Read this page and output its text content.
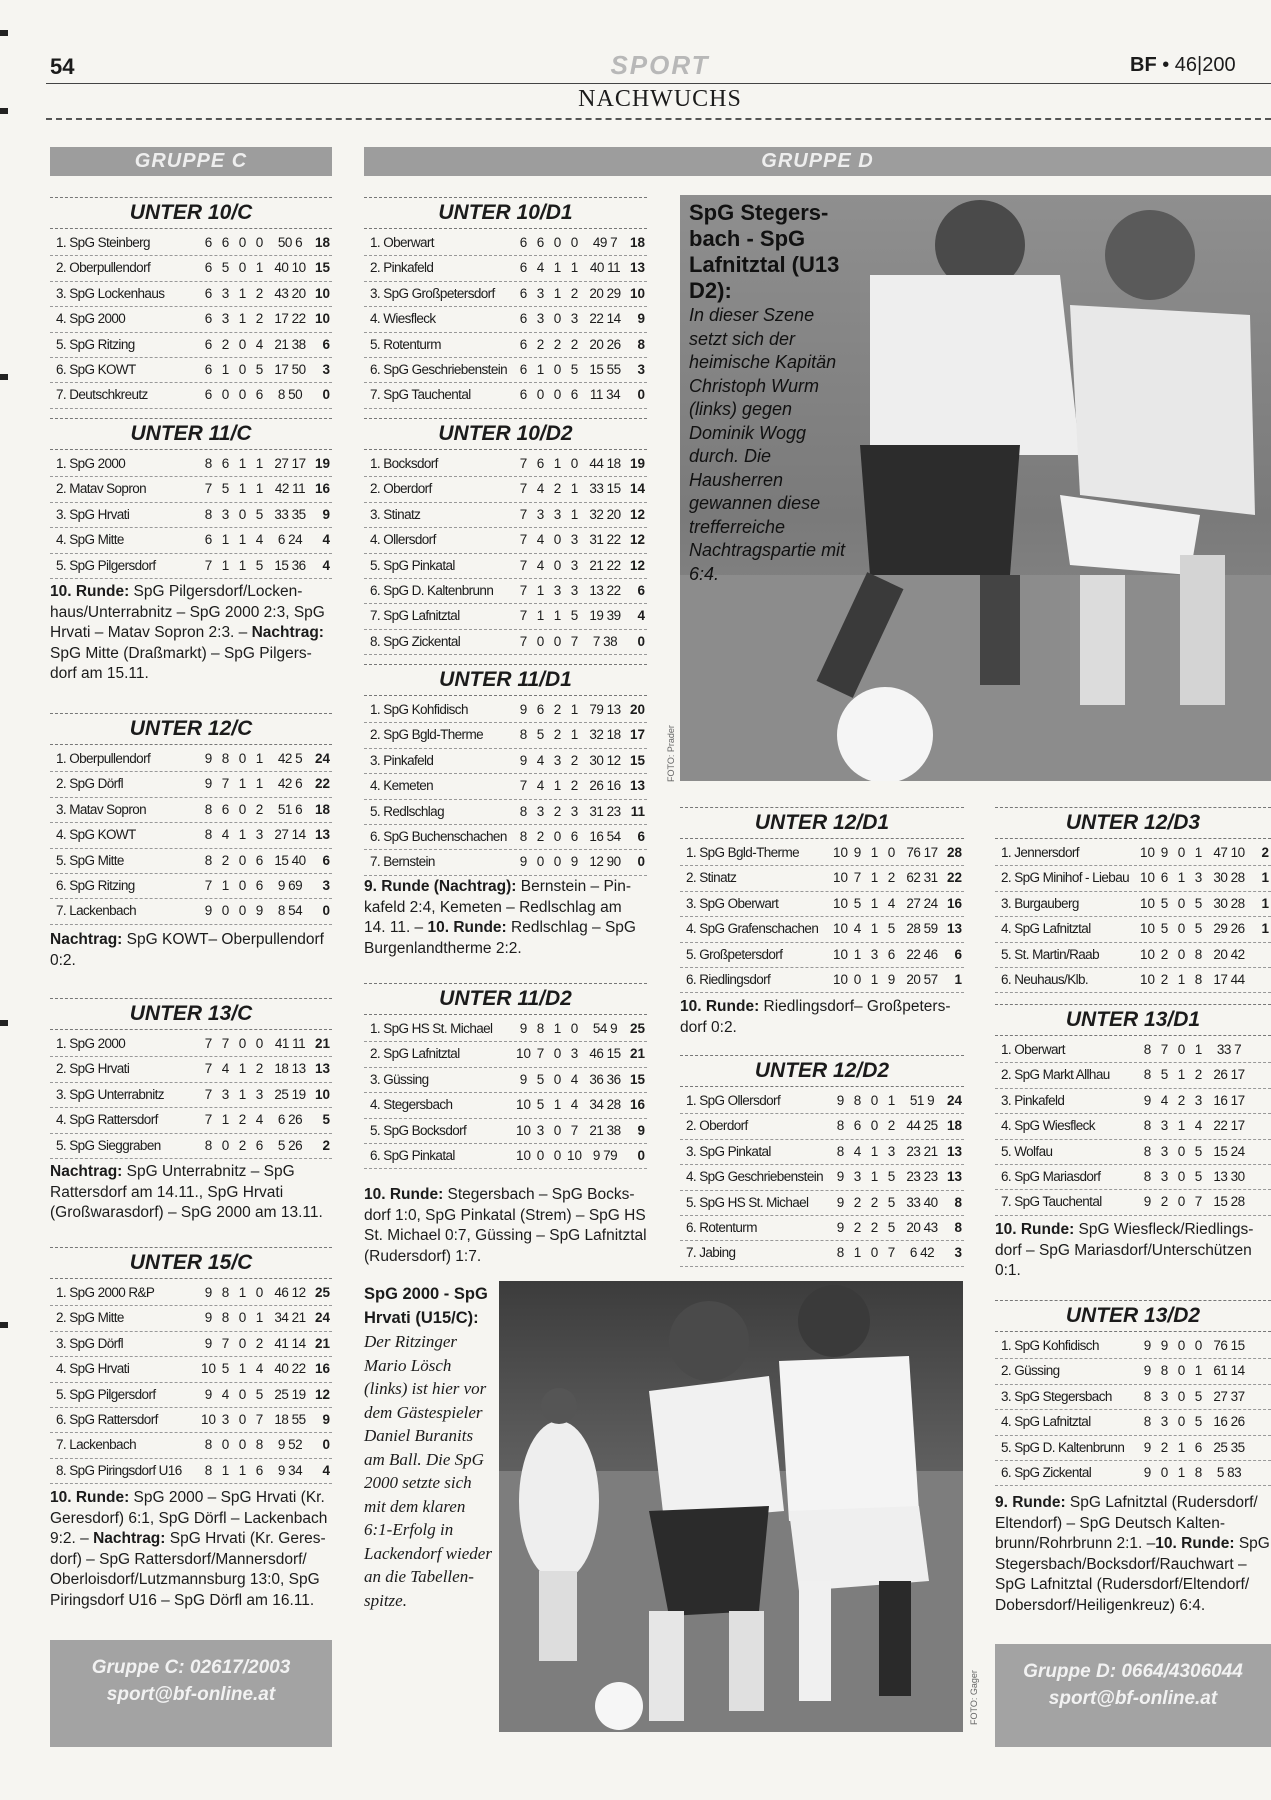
54	SPORT	BF • 46|200
NACHWUCHS
GRUPPE C	GRUPPE D
UNTER 10/C
1. SpG Steinberg	6 6 0 0	50 6 18
2. Oberpullendorf	6 5 0 1 40 10 15
3. SpG Lockenhaus	6 3 1 2 43 20 10
4. SpG 2000	6 3 1 2 17 22 10
5. SpG Ritzing	6 2 0 4 21 38	6
6. SpG KOWT	6 1 0 5 17 50	3
7. Deutschkreutz	6 0 0 6	8 50	0
UNTER 11/C
1. SpG 2000	8 6 1 1 27 17 19
2. Matav Sopron	7 5 1 1 42 11 16
3. SpG Hrvati	8 3 0 5 33 35	9
4. SpG Mitte	6 1 1 4	6 24	4
5. SpG Pilgersdorf	7 1 1 5 15 36	4
10. Runde: SpG Pilgersdorf/Lockenhaus/Unterrabnitz – SpG 2000 2:3, SpG Hrvati – Matav Sopron 2:3. – Nachtrag: SpG Mitte (Draßmarkt) – SpG Pilgersdorf am 15.11.
UNTER 12/C
1. Oberpullendorf	9 8 0 1	42 5 24
2. SpG Dörfl	9 7 1 1	42 6 22
3. Matav Sopron	8 6 0 2	51 6 18
4. SpG KOWT	8 4 1 3 27 14 13
5. SpG Mitte	8 2 0 6 15 40	6
6. SpG Ritzing	7 1 0 6	9 69	3
7. Lackenbach	9 0 0 9	8 54	0
Nachtrag: SpG KOWT– Oberpullendorf 0:2.
UNTER 13/C
1. SpG 2000	7 7 0 0 41 11 21
2. SpG Hrvati	7 4 1 2 18 13 13
3. SpG Unterrabnitz	7 3 1 3 25 19 10
4. SpG Rattersdorf	7 1 2 4	6 26	5
5. SpG Sieggraben	8 0 2 6	5 26	2
Nachtrag: SpG Unterrabnitz – SpG Rattersdorf am 14.11., SpG Hrvati (Großwarasdorf) – SpG 2000 am 13.11.
UNTER 15/C
1. SpG 2000 R&P	9 8 1 0 46 12 25
2. SpG Mitte	9 8 0 1 34 21 24
3. SpG Dörfl	9 7 0 2 41 14 21
4. SpG Hrvati	10 5 1 4 40 22 16
5. SpG Pilgersdorf	9 4 0 5 25 19 12
6. SpG Rattersdorf	10 3 0 7 18 55	9
7. Lackenbach	8 0 0 8	9 52	0
8. SpG Piringsdorf U16	8 1 1 6	9 34	4
10. Runde: SpG 2000 – SpG Hrvati (Kr. Geresdorf) 6:1, SpG Dörfl – Lackenbach 9:2. – Nachtrag: SpG Hrvati (Kr. Geresdorf) – SpG Rattersdorf/Mannersdorf/ Oberloisdorf/Lutzmannsburg 13:0, SpG Piringsdorf U16 – SpG Dörfl am 16.11.
Gruppe C: 02617/2003
sport@bf-online.at
UNTER 10/D1
1. Oberwart	6 6 0 0	49 7 18
2. Pinkafeld	6 4 1 1 40 11 13
3. SpG Großpetersdorf	6 3 1 2 20 29 10
4. Wiesfleck	6 3 0 3 22 14	9
5. Rotenturm	6 2 2 2 20 26	8
6. SpG Geschriebenstein 6 1 0 5 15 55	3
7. SpG Tauchental	6 0 0 6 11 34	0
UNTER 10/D2
1. Bocksdorf	7 6 1 0 44 18 19
2. Oberdorf	7 4 2 1 33 15 14
3. Stinatz	7 3 3 1 32 20 12
4. Ollersdorf	7 4 0 3 31 22 12
5. SpG Pinkatal	7 4 0 3 21 22 12
6. SpG D. Kaltenbrunn	7 1 3 3 13 22	6
7. SpG Lafnitztal	7 1 1 5 19 39	4
8. SpG Zickental	7 0 0 7	7 38	0
UNTER 11/D1
1. SpG Kohfidisch	9 6 2 1 79 13 20
2. SpG Bgld-Therme	8 5 2 1 32 18 17
3. Pinkafeld	9 4 3 2 30 12 15
4. Kemeten	7 4 1 2 26 16 13
5. Redlschlag	8 3 2 3 31 23 11
6. SpG Buchenschachen 8 2 0 6 16 54	6
7. Bernstein	9 0 0 9 12 90	0
9. Runde (Nachtrag): Bernstein – Pinkafeld 2:4, Kemeten – Redlschlag am 14. 11. – 10. Runde: Redlschlag – SpG Burgenlandtherme 2:2.
UNTER 11/D2
1. SpG HS St. Michael	9 8 1 0	54 9 25
2. SpG Lafnitztal	10 7 0 3 46 15 21
3. Güssing	9 5 0 4 36 36 15
4. Stegersbach	10 5 1 4 34 28 16
5. SpG Bocksdorf	10 3 0 7 21 38	9
6. SpG Pinkatal	10 0 0 10 9 79	0
10. Runde: Stegersbach – SpG Bocksdorf 1:0, SpG Pinkatal (Strem) – SpG HS St. Michael 0:7, Güssing – SpG Lafnitztal (Rudersdorf) 1:7.
SpG 2000 - SpG Hrvati (U15/C):
Der Ritzinger Mario Lösch (links) ist hier vor dem Gästespieler Daniel Buranits am Ball. Die SpG 2000 setzte sich mit dem klaren 6:1-Erfolg in Lackendorf wieder an die Tabellenspitze.
FOTO: Gager
SpG Stegersbach - SpG Lafnitztal (U13 D2):
In dieser Szene setzt sich der heimische Kapitän Christoph Wurm (links) gegen Dominik Wogg durch. Die Hausherren gewannen diese trefferreiche Nachtragspartie mit 6:4.
FOTO: Prader
UNTER 12/D1
1. SpG Bgld-Therme	10 9 1 0 76 17 28
2. Stinatz	10 7 1 2 62 31 22
3. SpG Oberwart	10 5 1 4 27 24 16
4. SpG Grafenschachen	10 4 1 5 28 59 13
5. Großpetersdorf	10 1 3 6 22 46	6
6. Riedlingsdorf	10 0 1 9 20 57	1
10. Runde: Riedlingsdorf– Großpetersdorf 0:2.
UNTER 12/D2
1. SpG Ollersdorf	9 8 0 1	51 9 24
2. Oberdorf	8 6 0 2 44 25 18
3. SpG Pinkatal	8 4 1 3 23 21 13
4. SpG Geschriebenstein	9 3 1 5 23 23 13
5. SpG HS St. Michael	9 2 2 5 33 40	8
6. Rotenturm	9 2 2 5 20 43	8
7. Jabing	8 1 0 7	6 42	3
UNTER 12/D3
1. Jennersdorf	10 9 0 1 47 10	2
2. SpG Minihof - Liebau 10 6 1 3 30 28	1
3. Burgauberg	10 5 0 5 30 28	1
4. SpG Lafnitztal	10 5 0 5 29 26	1
5. St. Martin/Raab	10 2 0 8 20 42
6. Neuhaus/Klb.	10 2 1 8 17 44
UNTER 13/D1
1. Oberwart	8 7 0 1	33 7
2. SpG Markt Allhau	8 5 1 2 26 17
3. Pinkafeld	9 4 2 3 16 17
4. SpG Wiesfleck	8 3 1 4 22 17
5. Wolfau	8 3 0 5 15 24
6. SpG Mariasdorf	8 3 0 5 13 30
7. SpG Tauchental	9 2 0 7 15 28
10. Runde: SpG Wiesfleck/Riedlingsdorf – SpG Mariasdorf/Unterschützen 0:1.
UNTER 13/D2
1. SpG Kohfidisch	9 9 0 0 76 15
2. Güssing	9 8 0 1 61 14
3. SpG Stegersbach	8 3 0 5 27 37
4. SpG Lafnitztal	8 3 0 5 16 26
5. SpG D. Kaltenbrunn	9 2 1 6 25 35
6. SpG Zickental	9 0 1 8	5 83
9. Runde: SpG Lafnitztal (Rudersdorf/ Eltendorf) – SpG Deutsch Kaltenbrunn/Rohrbrunn 2:1. –10. Runde: SpG Stegersbach/Bocksdorf/Rauchwart – SpG Lafnitztal (Rudersdorf/Eltendorf/ Dobersdorf/Heiligenkreuz) 6:4.
Gruppe D: 0664/4306044
sport@bf-online.at
